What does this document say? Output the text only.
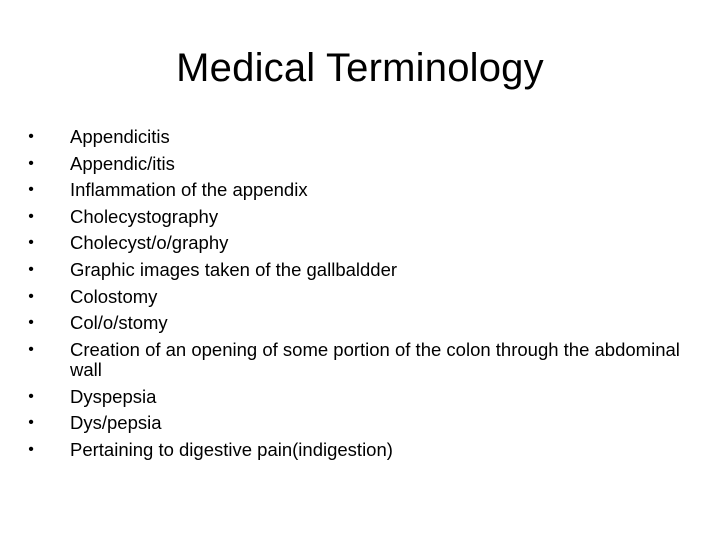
Medical Terminology
• Appendicitis
• Appendic/itis
• Inflammation of the appendix
• Cholecystography
• Cholecyst/o/graphy
• Graphic images taken of the gallbaldder
• Colostomy
• Col/o/stomy
• Creation of an opening of some portion of the colon through the abdominal wall
• Dyspepsia
• Dys/pepsia
• Pertaining to digestive pain(indigestion)
